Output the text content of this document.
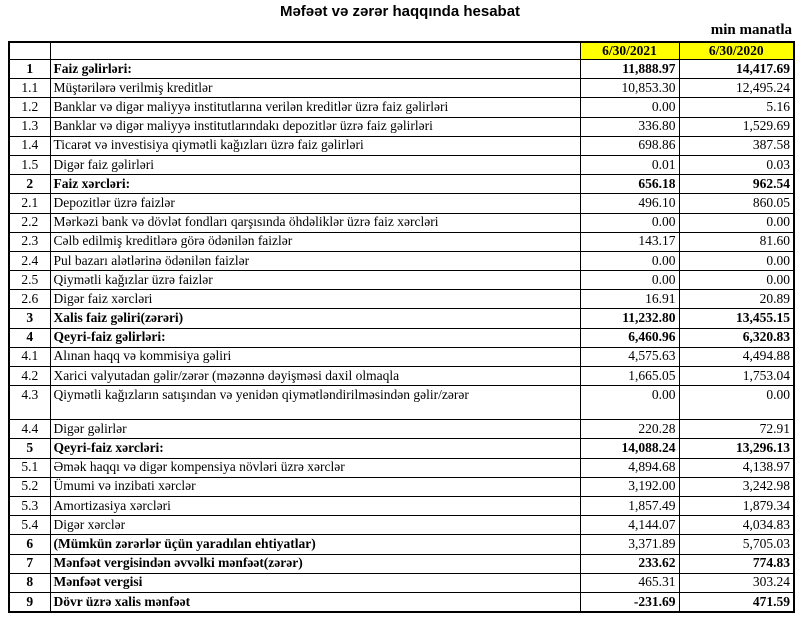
Məfəət və zərər haqqında hesabat
min manatla
		6/30/2021	6/30/2020
1	Faiz gəlirləri:	11,888.97	14,417.69
1.1	Müştərilərə verilmiş kreditlər	10,853.30	12,495.24
1.2	Banklar və digər maliyyə institutlarına verilən kreditlər üzrə faiz gəlirləri	0.00	5.16
1.3	Banklar və digər maliyyə institutlarındakı depozitlər üzrə faiz gəlirləri	336.80	1,529.69
1.4	Ticarət və investisiya qiymətli kağızları üzrə faiz gəlirləri	698.86	387.58
1.5	Digər faiz gəlirləri	0.01	0.03
2	Faiz xərcləri:	656.18	962.54
2.1	Depozitlər üzrə faizlər	496.10	860.05
2.2	Mərkəzi bank və dövlət fondları qarşısında öhdəliklər üzrə faiz xərcləri	0.00	0.00
2.3	Cəlb edilmiş kreditlərə görə ödənilən faizlər	143.17	81.60
2.4	Pul bazarı alətlərinə ödənilən faizlər	0.00	0.00
2.5	Qiymətli kağızlar üzrə faizlər	0.00	0.00
2.6	Digər faiz xərcləri	16.91	20.89
3	Xalis faiz gəliri(zərəri)	11,232.80	13,455.15
4	Qeyri-faiz gəlirləri:	6,460.96	6,320.83
4.1	Alınan haqq və kommisiya gəliri	4,575.63	4,494.88
4.2	Xarici valyutadan gəlir/zərər (məzənnə dəyişməsi daxil olmaqla	1,665.05	1,753.04
4.3	Qiymətli kağızların satışından və yenidən qiymətləndirilməsindən gəlir/zərər	0.00	0.00
4.4	Digər gəlirlər	220.28	72.91
5	Qeyri-faiz xərcləri:	14,088.24	13,296.13
5.1	Əmək haqqı və digər kompensiya növləri üzrə xərclər	4,894.68	4,138.97
5.2	Ümumi və inzibati xərclər	3,192.00	3,242.98
5.3	Amortizasiya xərcləri	1,857.49	1,879.34
5.4	Digər xərclər	4,144.07	4,034.83
6	(Mümkün zərərlər üçün yaradılan ehtiyatlar)	3,371.89	5,705.03
7	Mənfəət vergisindən əvvəlki mənfəət(zərər)	233.62	774.83
8	Mənfəət vergisi	465.31	303.24
9	Dövr üzrə xalis mənfəət	-231.69	471.59
